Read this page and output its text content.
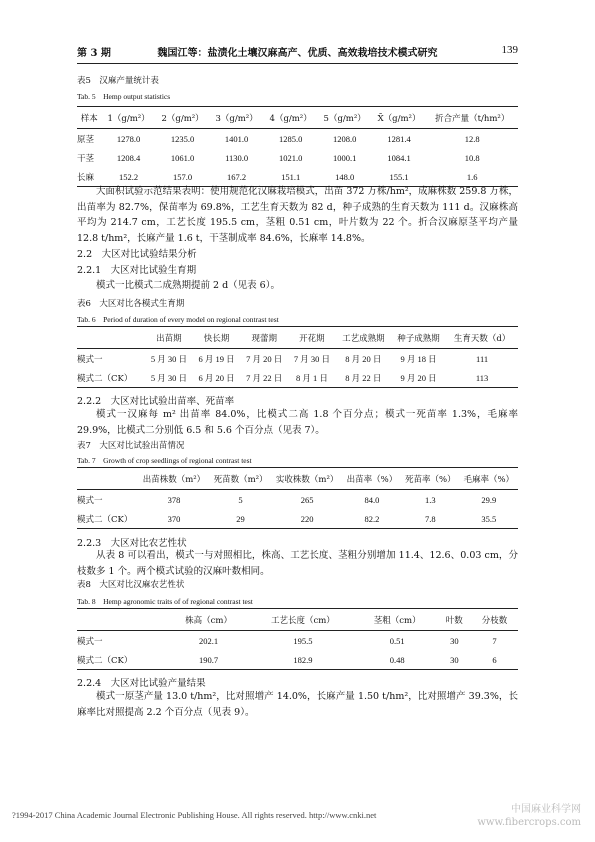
第 3 期	魏国江等：盐渍化土壤汉麻高产、优质、高效栽培技术模式研究	139
表5　汉麻产量统计表
Tab. 5　Hemp output statistics
样本	1（g/m²）	2（g/m²）	3（g/m²）	4（g/m²）	5（g/m²）	X̄（g/m²）	折合产量（t/hm²）
原茎	1278.0	1235.0	1401.0	1285.0	1208.0	1281.4	12.8
干茎	1208.4	1061.0	1130.0	1021.0	1000.1	1084.1	10.8
长麻	152.2	157.0	167.2	151.1	148.0	155.1	1.6
大面积试验示范结果表明：使用规范化汉麻栽培模式，出苗 372 万株/hm²，成麻株数 259.8 万株，出苗率为 82.7%，保苗率为 69.8%，工艺生育天数为 82 d，种子成熟的生育天数为 111 d。汉麻株高平均为 214.7 cm，工艺长度 195.5 cm，茎粗 0.51 cm，叶片数为 22 个。折合汉麻原茎平均产量 12.8 t/hm²，长麻产量 1.6 t，干茎制成率 84.6%，长麻率 14.8%。
2.2　大区对比试验结果分析
2.2.1　大区对比试验生育期
模式一比模式二成熟期提前 2 d（见表 6）。
表6　大区对比各模式生育期
Tab. 6　Period of duration of every model on regional contrast test
	出苗期	快长期	现蕾期	开花期	工艺成熟期	种子成熟期	生育天数（d）
模式一	5 月 30 日	6 月 19 日	7 月 20 日	7 月 30 日	8 月 20 日	9 月 18 日	111
模式二（CK）	5 月 30 日	6 月 20 日	7 月 22 日	8 月 1 日	8 月 22 日	9 月 20 日	113
2.2.2　大区对比试验出苗率、死苗率
模式一汉麻每 m² 出苗率 84.0%，比模式二高 1.8 个百分点；模式一死苗率 1.3%，毛麻率 29.9%，比模式二分别低 6.5 和 5.6 个百分点（见表 7）。
表7　大区对比试验出苗情况
Tab. 7　Growth of crop seedlings of regional contrast test
	出苗株数（m²）	死苗数（m²）	实收株数（m²）	出苗率（%）	死苗率（%）	毛麻率（%）
模式一	378	5	265	84.0	1.3	29.9
模式二（CK）	370	29	220	82.2	7.8	35.5
2.2.3　大区对比农艺性状
从表 8 可以看出，模式一与对照相比，株高、工艺长度、茎粗分别增加 11.4、12.6、0.03 cm，分枝数多 1 个。两个模式试验的汉麻叶数相同。
表8　大区对比汉麻农艺性状
Tab. 8　Hemp agronomic traits of of regional contrast test
	株高（cm）	工艺长度（cm）	茎粗（cm）	叶数	分枝数
模式一	202.1	195.5	0.51	30	7
模式二（CK）	190.7	182.9	0.48	30	6
2.2.4　大区对比试验产量结果
模式一原茎产量 13.0 t/hm²，比对照增产 14.0%，长麻产量 1.50 t/hm²，比对照增产 39.3%，长麻率比对照提高 2.2 个百分点（见表 9）。
?1994-2017 China Academic Journal Electronic Publishing House. All rights reserved. http://www.cnki.net	中国麻业科学网
www.fibercrops.com
